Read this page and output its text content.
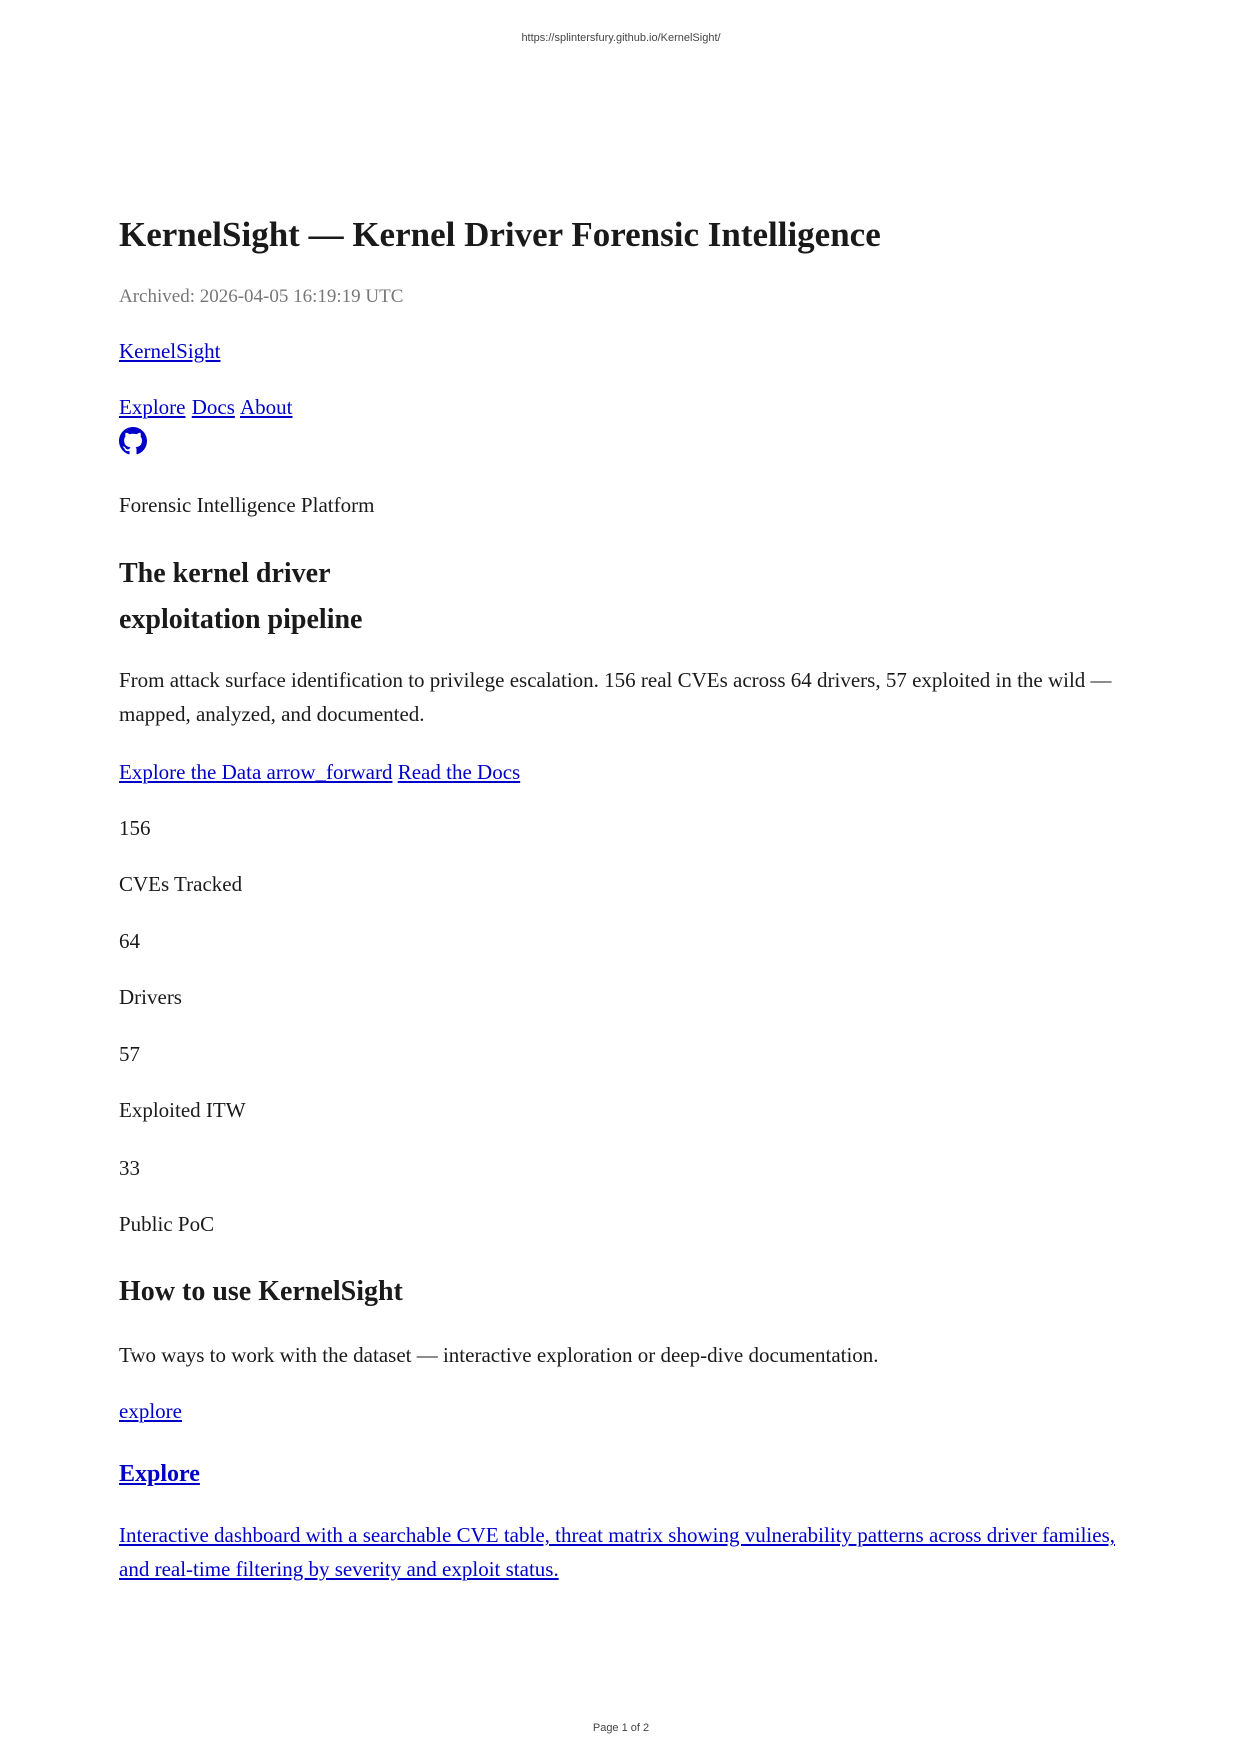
https://splintersfury.github.io/KernelSight/
KernelSight — Kernel Driver Forensic Intelligence

Archived: 2026-04-05 16:19:19 UTC

KernelSight

Explore Docs About

Forensic Intelligence Platform

The kernel driver
exploitation pipeline

From attack surface identification to privilege escalation. 156 real CVEs across 64 drivers, 57 exploited in the wild — mapped, analyzed, and documented.

Explore the Data arrow_forward Read the Docs

156

CVEs Tracked

64

Drivers

57

Exploited ITW

33

Public PoC

How to use KernelSight

Two ways to work with the dataset — interactive exploration or deep-dive documentation.

explore

Explore

Interactive dashboard with a searchable CVE table, threat matrix showing vulnerability patterns across driver families, and real-time filtering by severity and exploit status.

Page 1 of 2
